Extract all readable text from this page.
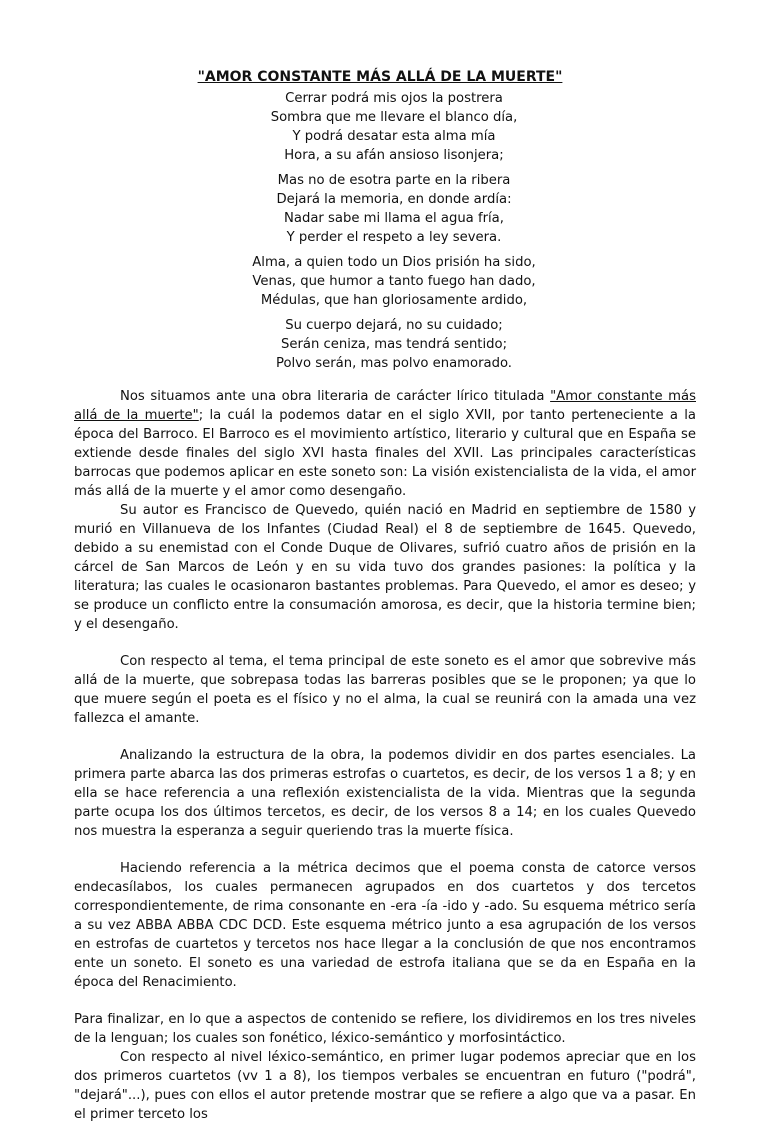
"AMOR CONSTANTE MÁS ALLÁ DE LA MUERTE"
Cerrar podrá mis ojos la postrera
Sombra que me llevare el blanco día,
Y podrá desatar esta alma mía
Hora, a su afán ansioso lisonjera;
Mas no de esotra parte en la ribera
Dejará la memoria, en donde ardía:
Nadar sabe mi llama el agua fría,
Y perder el respeto a ley severa.
Alma, a quien todo un Dios prisión ha sido,
Venas, que humor a tanto fuego han dado,
Médulas, que han gloriosamente ardido,
Su cuerpo dejará, no su cuidado;
Serán ceniza, mas tendrá sentido;
Polvo serán, mas polvo enamorado.

Nos situamos ante una obra literaria de carácter lírico titulada "Amor constante más allá de la muerte"; la cuál la podemos datar en el siglo XVII, por tanto perteneciente a la época del Barroco. El Barroco es el movimiento artístico, literario y cultural que en España se extiende desde finales del siglo XVI hasta finales del XVII. Las principales características barrocas que podemos aplicar en este soneto son: La visión existencialista de la vida, el amor más allá de la muerte y el amor como desengaño.

Su autor es Francisco de Quevedo, quién nació en Madrid en septiembre de 1580 y murió en Villanueva de los Infantes (Ciudad Real) el 8 de septiembre de 1645. Quevedo, debido a su enemistad con el Conde Duque de Olivares, sufrió cuatro años de prisión en la cárcel de San Marcos de León y en su vida tuvo dos grandes pasiones: la política y la literatura; las cuales le ocasionaron bastantes problemas. Para Quevedo, el amor es deseo; y se produce un conflicto entre la consumación amorosa, es decir, que la historia termine bien; y el desengaño.

Con respecto al tema, el tema principal de este soneto es el amor que sobrevive más allá de la muerte, que sobrepasa todas las barreras posibles que se le proponen; ya que lo que muere según el poeta es el físico y no el alma, la cual se reunirá con la amada una vez fallezca el amante.

Analizando la estructura de la obra, la podemos dividir en dos partes esenciales. La primera parte abarca las dos primeras estrofas o cuartetos, es decir, de los versos 1 a 8; y en ella se hace referencia a una reflexión existencialista de la vida. Mientras que la segunda parte ocupa los dos últimos tercetos, es decir, de los versos 8 a 14; en los cuales Quevedo nos muestra la esperanza a seguir queriendo tras la muerte física.

Haciendo referencia a la métrica decimos que el poema consta de catorce versos endecasílabos, los cuales permanecen agrupados en dos cuartetos y dos tercetos correspondientemente, de rima consonante en -era -ía -ido y -ado. Su esquema métrico sería a su vez ABBA ABBA CDC DCD. Este esquema métrico junto a esa agrupación de los versos en estrofas de cuartetos y tercetos nos hace llegar a la conclusión de que nos encontramos ente un soneto. El soneto es una variedad de estrofa italiana que se da en España en la época del Renacimiento.

Para finalizar, en lo que a aspectos de contenido se refiere, los dividiremos en los tres niveles de la lenguan; los cuales son fonético, léxico-semántico y morfosintáctico.

Con respecto al nivel léxico-semántico, en primer lugar podemos apreciar que en los dos primeros cuartetos (vv 1 a 8), los tiempos verbales se encuentran en futuro ("podrá", "dejará"...), pues con ellos el autor pretende mostrar que se refiere a algo que va a pasar. En el primer terceto los
